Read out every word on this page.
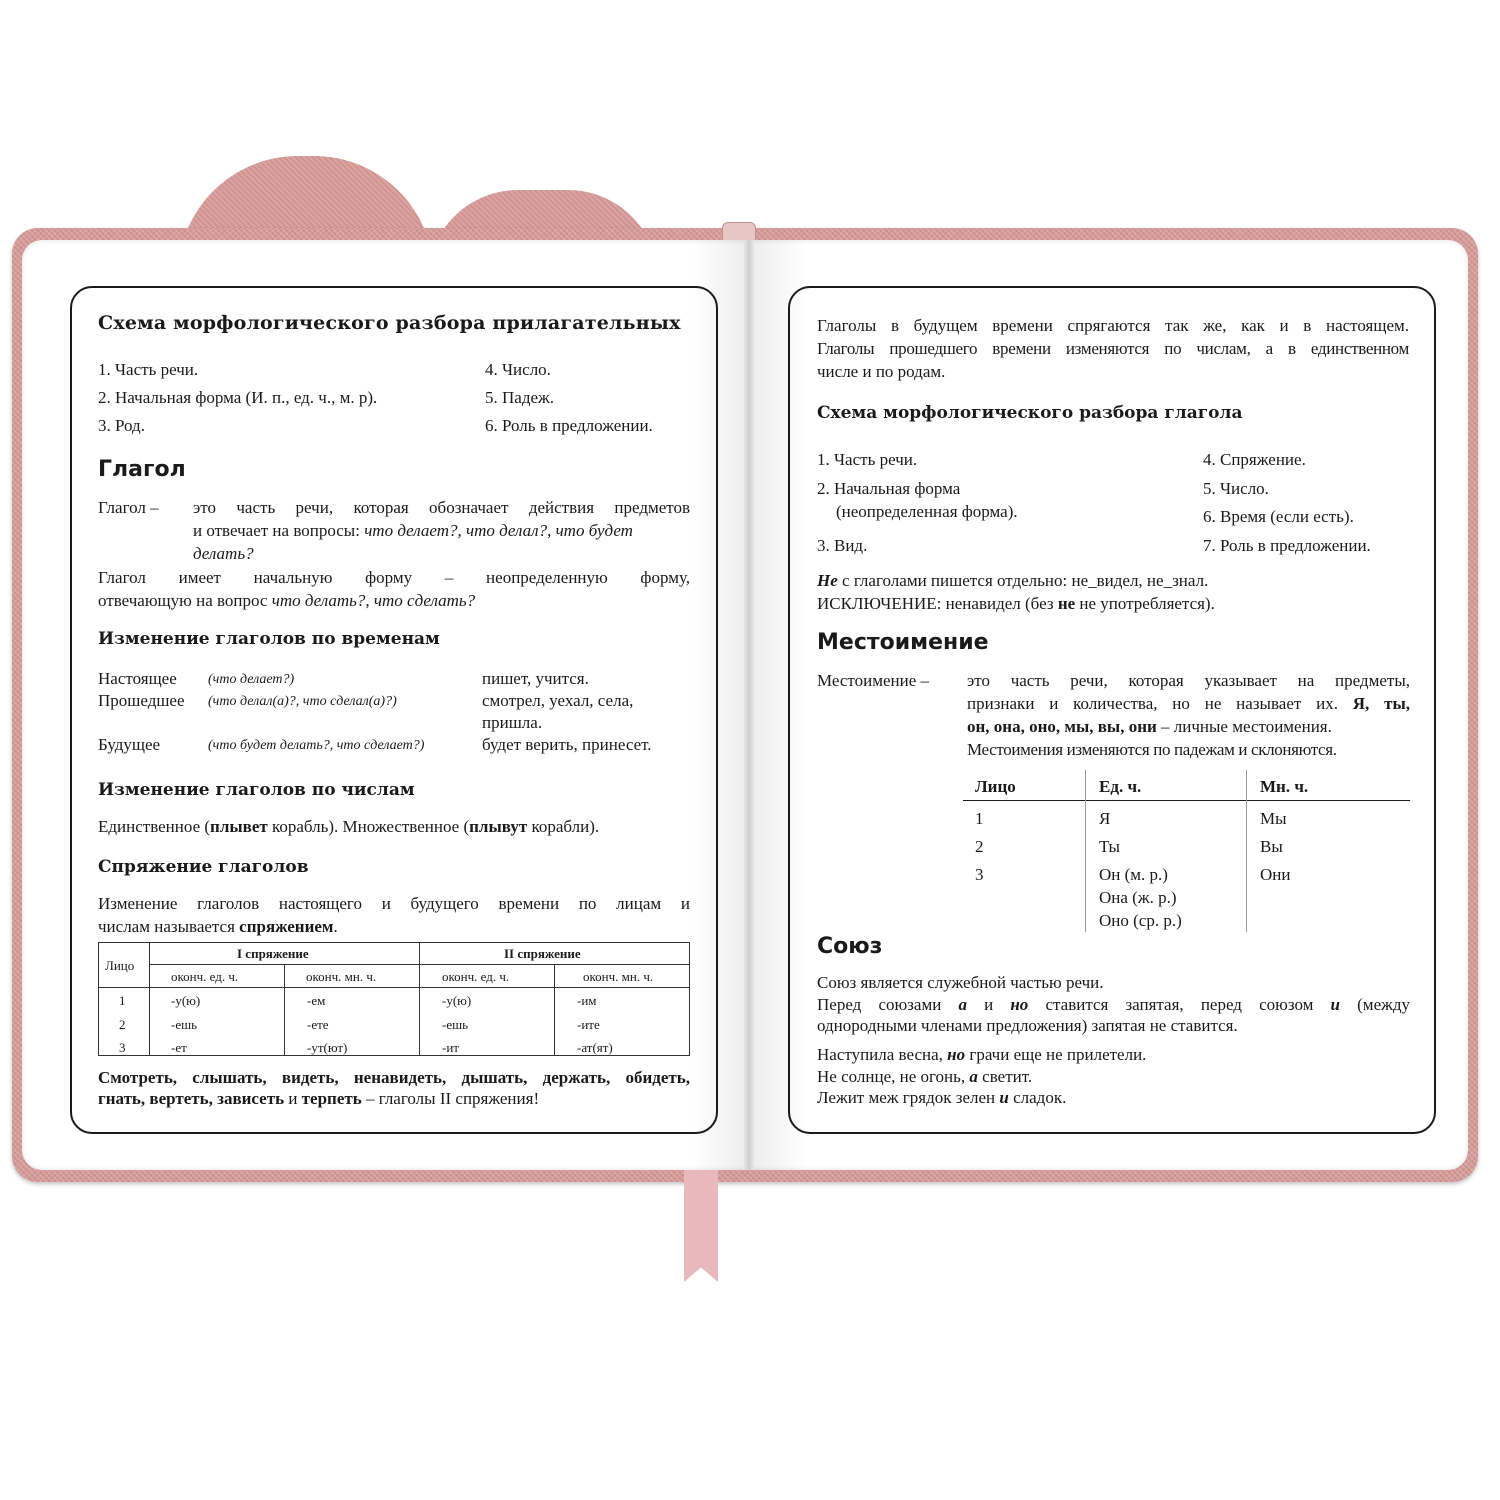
Схема морфологического разбора прилагательных
1. Часть речи.
2. Начальная форма (И. п., ед. ч., м. р).
3. Род.
4. Число.
5. Падеж.
6. Роль в предложении.
Глагол
Глагол – это часть речи, которая обозначает действия предметов
и отвечает на вопросы: что делает?, что делал?, что будет
делать?
Глагол имеет начальную форму – неопределенную форму,
отвечающую на вопрос что делать?, что сделать?
Изменение глаголов по временам
Настоящее (что делает?)	пишет, учится.
Прошедшее (что делал(а)?, что сделал(а)?)	смотрел, уехал, села,
пришла.
Будущее	(что будет делать?, что сделает?)	будет верить, принесет.
Изменение глаголов по числам
Единственное (плывет корабль). Множественное (плывут корабли).
Спряжение глаголов
Изменение глаголов настоящего и будущего времени по лицам и
числам называется спряжением.
Лицо
I спряжение	II спряжение
оконч. ед. ч.	оконч. мн. ч.	оконч. ед. ч.	оконч. мн. ч.
1	-у(ю)	-ем	-у(ю)	-им
2	-ешь	-ете	-ешь	-ите
3	-ет	-ут(ют)	-ит	-ат(ят)
Смотреть, слышать, видеть, ненавидеть, дышать, держать, обидеть,
гнать, вертеть, зависеть и терпеть – глаголы II спряжения!
Глаголы в будущем времени спрягаются так же, как и в настоящем.
Глаголы прошедшего времени изменяются по числам, а в единственном
числе и по родам.
Схема морфологического разбора глагола
1. Часть речи.
2. Начальная форма
(неопределенная форма).
3. Вид.
4. Спряжение.
5. Число.
6. Время (если есть).
7. Роль в предложении.
Не с глаголами пишется отдельно: не_видел, не_знал.
ИСКЛЮЧЕНИЕ: ненавидел (без не не употребляется).
Местоимение
Местоимение – это часть речи, которая указывает на предметы,
признаки и количества, но не называет их. Я, ты,
он, она, оно, мы, вы, они – личные местоимения.
Местоимения изменяются по падежам и склоняются.
Лицо	Ед. ч.	Мн. ч.
1	Я	Мы
2	Ты	Вы
3	Он (м. р.)	Они
Она (ж. р.)
Оно (ср. р.)
Союз
Союз является служебной частью речи.
Перед союзами а и но ставится запятая, перед союзом и (между
однородными членами предложения) запятая не ставится.
Наступила весна, но грачи еще не прилетели.
Не солнце, не огонь, а светит.
Лежит меж грядок зелен и сладок.
